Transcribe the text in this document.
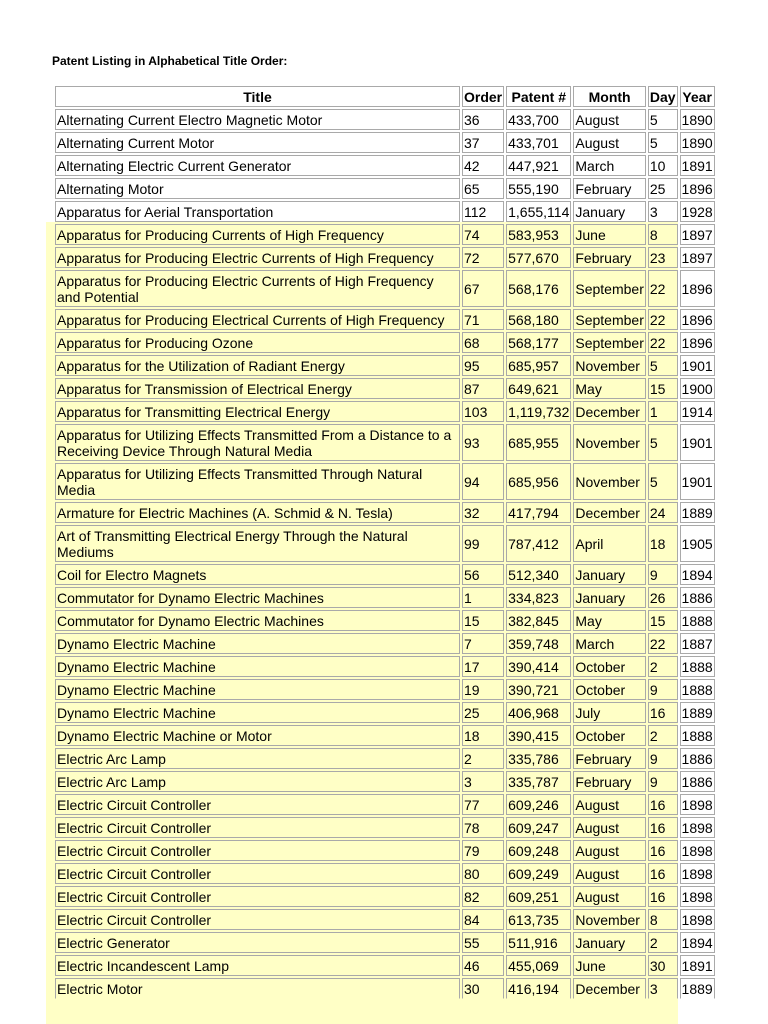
Patent Listing in Alphabetical Title Order:
Title	Order	Patent #	Month	Day	Year
Alternating Current Electro Magnetic Motor	36	433,700	August	5	1890
Alternating Current Motor	37	433,701	August	5	1890
Alternating Electric Current Generator	42	447,921	March	10	1891
Alternating Motor	65	555,190	February	25	1896
Apparatus for Aerial Transportation	112	1,655,114	January	3	1928
Apparatus for Producing Currents of High Frequency	74	583,953	June	8	1897
Apparatus for Producing Electric Currents of High Frequency	72	577,670	February	23	1897
Apparatus for Producing Electric Currents of High Frequency and Potential	67	568,176	September	22	1896
Apparatus for Producing Electrical Currents of High Frequency	71	568,180	September	22	1896
Apparatus for Producing Ozone	68	568,177	September	22	1896
Apparatus for the Utilization of Radiant Energy	95	685,957	November	5	1901
Apparatus for Transmission of Electrical Energy	87	649,621	May	15	1900
Apparatus for Transmitting Electrical Energy	103	1,119,732	December	1	1914
Apparatus for Utilizing Effects Transmitted From a Distance to a Receiving Device Through Natural Media	93	685,955	November	5	1901
Apparatus for Utilizing Effects Transmitted Through Natural Media	94	685,956	November	5	1901
Armature for Electric Machines (A. Schmid & N. Tesla)	32	417,794	December	24	1889
Art of Transmitting Electrical Energy Through the Natural Mediums	99	787,412	April	18	1905
Coil for Electro Magnets	56	512,340	January	9	1894
Commutator for Dynamo Electric Machines	1	334,823	January	26	1886
Commutator for Dynamo Electric Machines	15	382,845	May	15	1888
Dynamo Electric Machine	7	359,748	March	22	1887
Dynamo Electric Machine	17	390,414	October	2	1888
Dynamo Electric Machine	19	390,721	October	9	1888
Dynamo Electric Machine	25	406,968	July	16	1889
Dynamo Electric Machine or Motor	18	390,415	October	2	1888
Electric Arc Lamp	2	335,786	February	9	1886
Electric Arc Lamp	3	335,787	February	9	1886
Electric Circuit Controller	77	609,246	August	16	1898
Electric Circuit Controller	78	609,247	August	16	1898
Electric Circuit Controller	79	609,248	August	16	1898
Electric Circuit Controller	80	609,249	August	16	1898
Electric Circuit Controller	82	609,251	August	16	1898
Electric Circuit Controller	84	613,735	November	8	1898
Electric Generator	55	511,916	January	2	1894
Electric Incandescent Lamp	46	455,069	June	30	1891
Electric Motor	30	416,194	December	3	1889
